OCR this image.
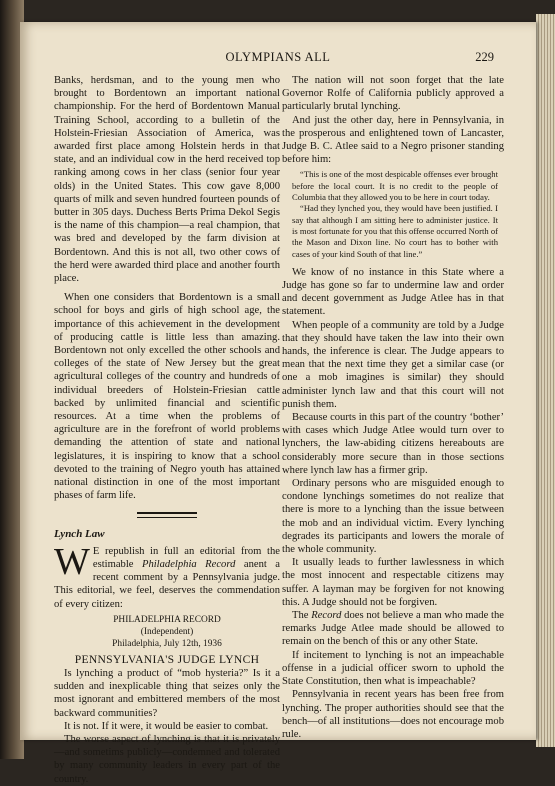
OLYMPIANS ALL	229

Banks, herdsman, and to the young men who brought to Bordentown an important national championship. For the herd of Bordentown Manual Training School, according to a bulletin of the Holstein-Friesian Association of America, was awarded first place among Holstein herds in that state, and an individual cow in the herd received top ranking among cows in her class (senior four year olds) in the United States. This cow gave 8,000 quarts of milk and seven hundred fourteen pounds of butter in 305 days. Duchess Berts Prima Dekol Segis is the name of this champion—a real champion, that was bred and developed by the farm division at Bordentown. And this is not all, two other cows of the herd were awarded third place and another fourth place.

When one considers that Bordentown is a small school for boys and girls of high school age, the importance of this achievement in the development of producing cattle is little less than amazing. Bordentown not only excelled the other schools and colleges of the state of New Jersey but the great agricultural colleges of the country and hundreds of individual breeders of Holstein-Friesian cattle backed by unlimited financial and scientific resources. At a time when the problems of agriculture are in the forefront of world problems demanding the attention of state and national legislatures, it is inspiring to know that a school devoted to the training of Negro youth has attained national distinction in one of the most important phases of farm life.

Lynch Law

W E republish in full an editorial from the estimable Philadelphia Record anent a recent comment by a Pennsylvania judge. This editorial, we feel, deserves the commendation of every citizen:

PHILADELPHIA RECORD

(Independent)

Philadelphia, July 12th, 1936

PENNSYLVANIA'S JUDGE LYNCH

Is lynching a product of “mob hysteria?” Is it a sudden and inexplicable thing that seizes only the most ignorant and embittered members of the most backward communities?

It is not. If it were, it would be easier to combat.

The worse aspect of lynching is that it is privately—and sometims publicly—condemned and tolerated by many community leaders in every part of the country.

The nation will not soon forget that the late Governor Rolfe of California publicly approved a particularly brutal lynching.

And just the other day, here in Pennsylvania, in the prosperous and enlightened town of Lancaster, Judge B. C. Atlee said to a Negro prisoner standing before him:

“This is one of the most despicable offenses ever brought before the local court. It is no credit to the people of Columbia that they allowed you to be here in court today.

“Had they lynched you, they would have been justified. I say that although I am sitting here to administer justice. It is most fortunate for you that this offense occurred North of the Mason and Dixon line. No court has to bother with cases of your kind South of that line.”

We know of no instance in this State where a Judge has gone so far to undermine law and order and decent government as Judge Atlee has in that statement.

When people of a community are told by a Judge that they should have taken the law into their own hands, the inference is clear. The Judge appears to mean that the next time they get a similar case (or one a mob imagines is similar) they should administer lynch law and that this court will not punish them.

Because courts in this part of the country ‘bother’ with cases which Judge Atlee would turn over to lynchers, the law-abiding citizens hereabouts are considerably more secure than in those sections where lynch law has a firmer grip.

Ordinary persons who are misguided enough to condone lynchings sometimes do not realize that there is more to a lynching than the issue between the mob and an individual victim. Every lynching degrades its participants and lowers the morale of the whole community.

It usually leads to further lawlessness in which the most innocent and respectable citizens may suffer. A layman may be forgiven for not knowing this. A Judge should not be forgiven.

The Record does not believe a man who made the remarks Judge Atlee made should be allowed to remain on the bench of this or any other State.

If incitement to lynching is not an impeachable offense in a judicial officer sworn to uphold the State Constitution, then what is impeachable?

Pennsylvania in recent years has been free from lynching. The proper authorities should see that the bench—of all institutions—does not encourage mob rule.
